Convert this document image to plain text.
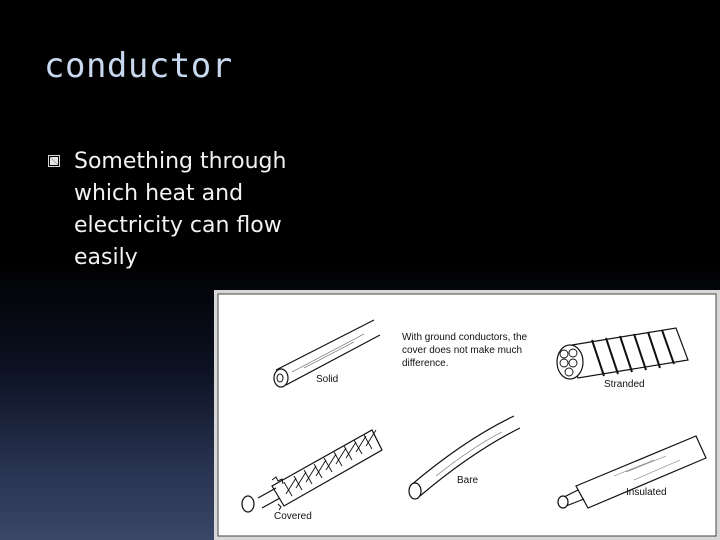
conductor
Something through
which heat and
electricity can flow
easily
Solid
With ground conductors, the
cover does not make much
difference.
Stranded
Covered
Bare
Insulated
